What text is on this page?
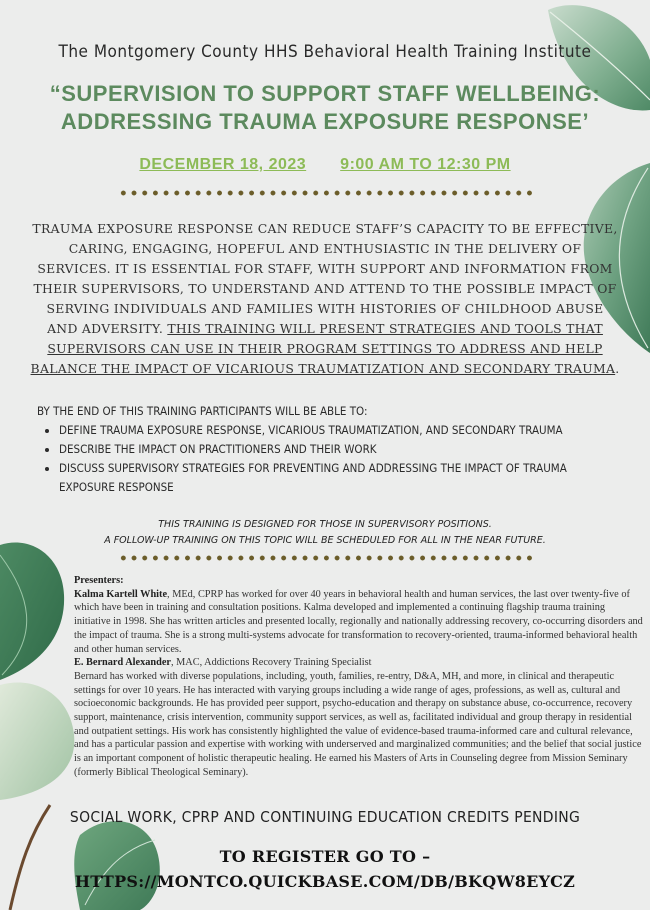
The Montgomery County HHS Behavioral Health Training Institute
“SUPERVISION TO SUPPORT STAFF WELLBEING:
ADDRESSING TRAUMA EXPOSURE RESPONSE’
DECEMBER 18, 2023 9:00 AM TO 12:30 PM
TRAUMA EXPOSURE RESPONSE CAN REDUCE STAFF’S CAPACITY TO BE EFFECTIVE, CARING, ENGAGING, HOPEFUL AND ENTHUSIASTIC IN THE DELIVERY OF SERVICES. IT IS ESSENTIAL FOR STAFF, WITH SUPPORT AND INFORMATION FROM THEIR SUPERVISORS, TO UNDERSTAND AND ATTEND TO THE POSSIBLE IMPACT OF SERVING INDIVIDUALS AND FAMILIES WITH HISTORIES OF CHILDHOOD ABUSE AND ADVERSITY. THIS TRAINING WILL PRESENT STRATEGIES AND TOOLS THAT SUPERVISORS CAN USE IN THEIR PROGRAM SETTINGS TO ADDRESS AND HELP BALANCE THE IMPACT OF VICARIOUS TRAUMATIZATION AND SECONDARY TRAUMA.
BY THE END OF THIS TRAINING PARTICIPANTS WILL BE ABLE TO:
• DEFINE TRAUMA EXPOSURE RESPONSE, VICARIOUS TRAUMATIZATION, AND SECONDARY TRAUMA
• DESCRIBE THE IMPACT ON PRACTITIONERS AND THEIR WORK
• DISCUSS SUPERVISORY STRATEGIES FOR PREVENTING AND ADDRESSING THE IMPACT OF TRAUMA EXPOSURE RESPONSE
THIS TRAINING IS DESIGNED FOR THOSE IN SUPERVISORY POSITIONS.
A FOLLOW-UP TRAINING ON THIS TOPIC WILL BE SCHEDULED FOR ALL IN THE NEAR FUTURE.
Presenters:
Kalma Kartell White, MEd, CPRP has worked for over 40 years in behavioral health and human services, the last over twenty-five of which have been in training and consultation positions. Kalma developed and implemented a continuing flagship trauma training initiative in 1998. She has written articles and presented locally, regionally and nationally addressing recovery, co-occurring disorders and the impact of trauma. She is a strong multi-systems advocate for transformation to recovery-oriented, trauma-informed behavioral health and other human services.
E. Bernard Alexander, MAC, Addictions Recovery Training Specialist
Bernard has worked with diverse populations, including, youth, families, re-entry, D&A, MH, and more, in clinical and therapeutic settings for over 10 years. He has interacted with varying groups including a wide range of ages, professions, as well as, cultural and socioeconomic backgrounds. He has provided peer support, psycho-education and therapy on substance abuse, co-occurrence, recovery support, maintenance, crisis intervention, community support services, as well as, facilitated individual and group therapy in residential and outpatient settings. His work has consistently highlighted the value of evidence-based trauma-informed care and cultural relevance, and has a particular passion and expertise with working with underserved and marginalized communities; and the belief that social justice is an important component of holistic therapeutic healing. He earned his Masters of Arts in Counseling degree from Mission Seminary (formerly Biblical Theological Seminary).
SOCIAL WORK, CPRP AND CONTINUING EDUCATION CREDITS PENDING
TO REGISTER GO TO –
HTTPS://MONTCO.QUICKBASE.COM/DB/BKQW8EYCZ
